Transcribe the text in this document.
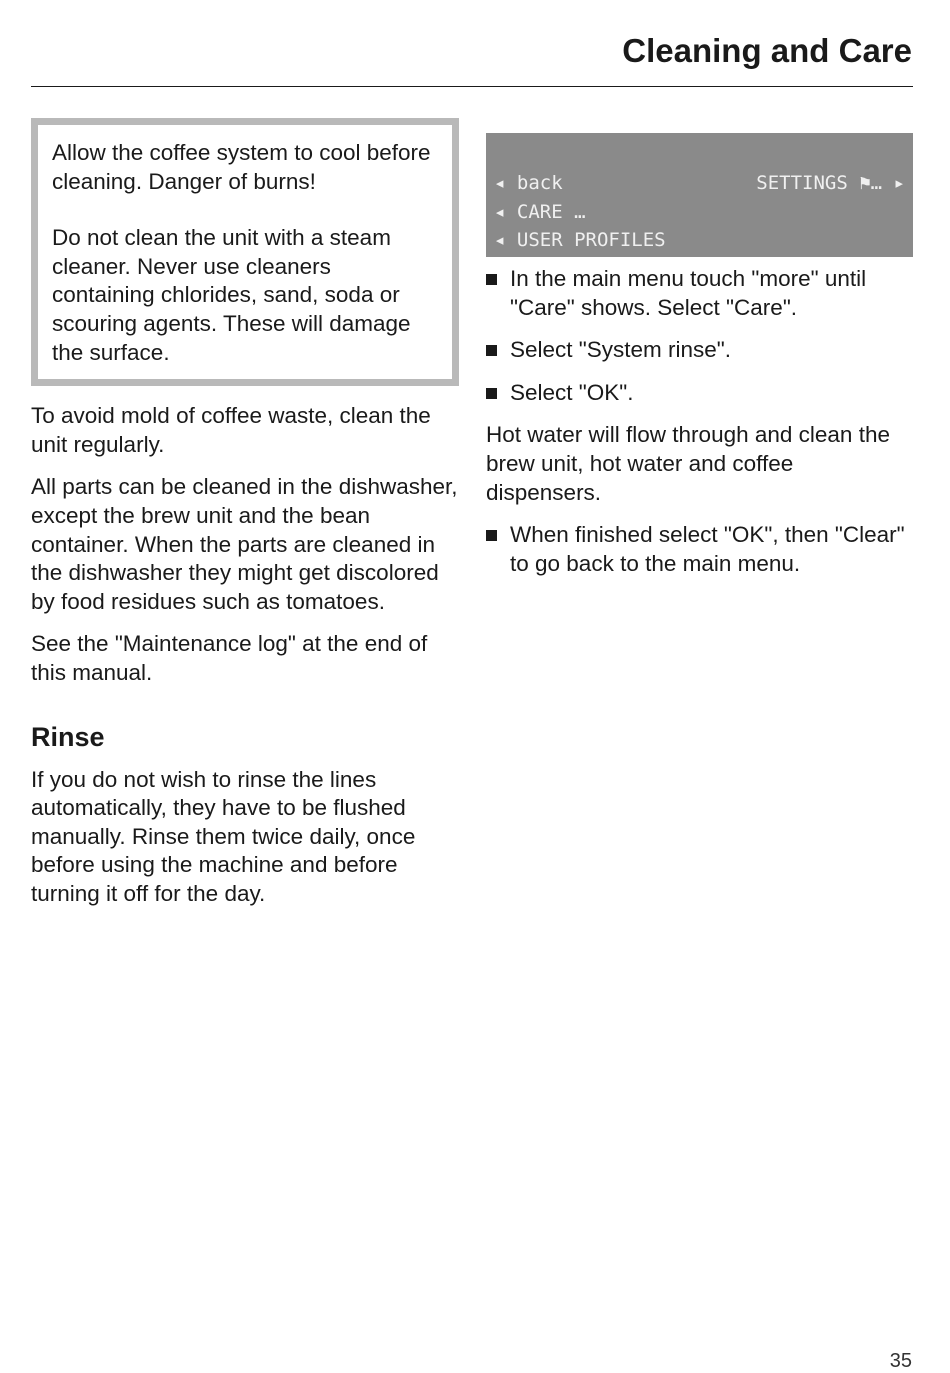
Cleaning and Care

Allow the coffee system to cool before cleaning. Danger of burns!

Do not clean the unit with a steam cleaner. Never use cleaners containing chlorides, sand, soda or scouring agents. These will damage the surface.

To avoid mold of coffee waste, clean the unit regularly.

All parts can be cleaned in the dishwasher, except the brew unit and the bean container. When the parts are cleaned in the dishwasher they might get discolored by food residues such as tomatoes.

See the "Maintenance log" at the end of this manual.

Rinse

If you do not wish to rinse the lines automatically, they have to be flushed manually. Rinse them twice daily, once before using the machine and before turning it off for the day.

◂ back	SETTINGS ⚑… ▸
◂ CARE …
◂ USER PROFILES
In the main menu touch "more" until "Care" shows. Select "Care".
Select "System rinse".
Select "OK".

Hot water will flow through and clean the brew unit, hot water and coffee dispensers.

When finished select "OK", then "Clear" to go back to the main menu.
35
